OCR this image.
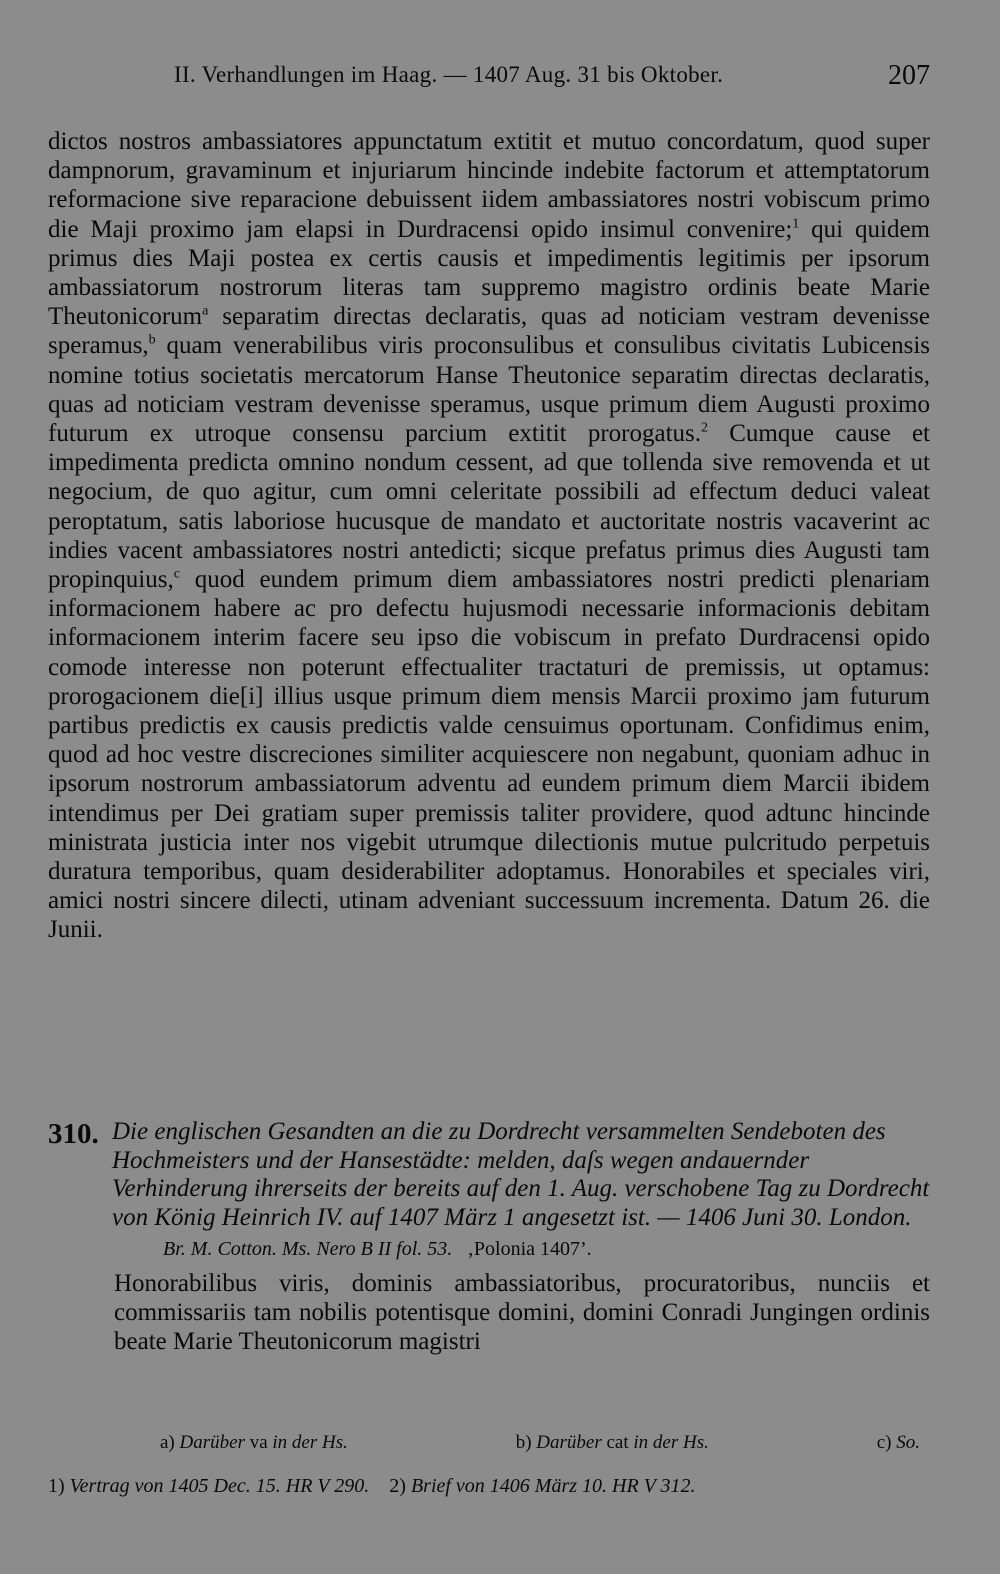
II. Verhandlungen im Haag. — 1407 Aug. 31 bis Oktober.	207
dictos nostros ambassiatores appunctatum extitit et mutuo concordatum, quod super dampnorum, gravaminum et injuriarum hincinde indebite factorum et attemptatorum reformacione sive reparacione debuissent iidem ambassiatores nostri vobiscum primo die Maji proximo jam elapsi in Durdracensi opido insimul convenire;$^1$ qui quidem primus dies Maji postea ex certis causis et impedimentis legitimis per ipsorum ambassiatorum nostrorum literas tam suppremo magistro ordinis beate Marie Theutonicorum$^a$ separatim directas declaratis, quas ad noticiam vestram devenisse speramus,$^b$ quam venerabilibus viris proconsulibus et consulibus civitatis Lubicensis nomine totius societatis mercatorum Hanse Theutonice separatim directas declaratis, quas ad noticiam vestram devenisse speramus, usque primum diem Augusti proximo futurum ex utroque consensu parcium extitit prorogatus.$^2$ Cumque cause et impedimenta predicta omnino nondum cessent, ad que tollenda sive removenda et ut negocium, de quo agitur, cum omni celeritate possibili ad effectum deduci valeat peroptatum, satis laboriose hucusque de mandato et auctoritate nostris vacaverint ac indies vacent ambassiatores nostri antedicti; sicque prefatus primus dies Augusti tam propinquius,$^c$ quod eundem primum diem ambassiatores nostri predicti plenariam informacionem habere ac pro defectu hujusmodi necessarie informacionis debitam informacionem interim facere seu ipso die vobiscum in prefato Durdracensi opido comode interesse non poterunt effectualiter tractaturi de premissis, ut optamus: prorogacionem die[i] illius usque primum diem mensis Marcii proximo jam futurum partibus predictis ex causis predictis valde censuimus oportunam. Confidimus enim, quod ad hoc vestre discreciones similiter acquiescere non negabunt, quoniam adhuc in ipsorum nostrorum ambassiatorum adventu ad eundem primum diem Marcii ibidem intendimus per Dei gratiam super premissis taliter providere, quod adtunc hincinde ministrata justicia inter nos vigebit utrumque dilectionis mutue pulcritudo perpetuis duratura temporibus, quam desiderabiliter adoptamus. Honorabiles et speciales viri, amici nostri sincere dilecti, utinam adveniant successuum incrementa. Datum 26. die Junii.
310. Die englischen Gesandten an die zu Dordrecht versammelten Sendeboten des Hochmeisters und der Hansestädte: melden, daſs wegen andauernder Verhinderung ihrerseits der bereits auf den 1. Aug. verschobene Tag zu Dordrecht von König Heinrich IV. auf 1407 März 1 angesetzt ist. — 1406 Juni 30. London.
Br. M. Cotton. Ms. Nero B II fol. 53. ‚Polonia 1407’.
Honorabilibus viris, dominis ambassiatoribus, procuratoribus, nunciis et commissariis tam nobilis potentisque domini, domini Conradi Jungingen ordinis beate Marie Theutonicorum magistri
a) Darüber va in der Hs.	b) Darüber cat in der Hs.	c) So.
1) Vertrag von 1405 Dec. 15. HR V 290. 2) Brief von 1406 März 10. HR V 312.
